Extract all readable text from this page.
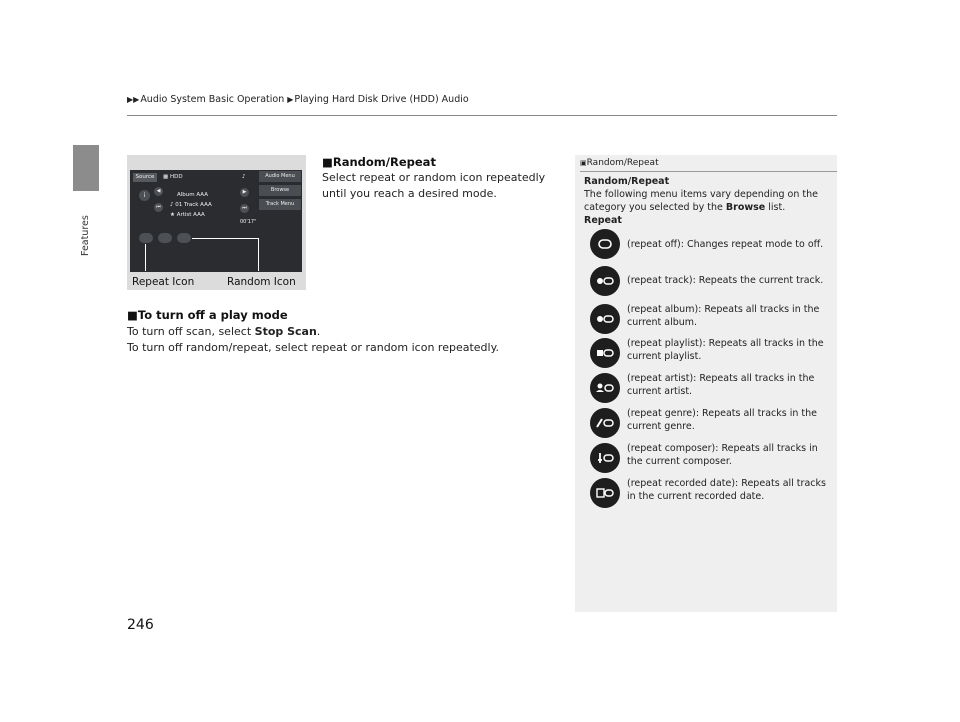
▶▶Audio System Basic Operation ▶Playing Hard Disk Drive (HDD) Audio
Features
Source	▦ HDD	♪	Audio Menu
Browse
Track Menu
i
◀
⏮
▶
⏭
Album AAA
♪ 01 Track AAA
★ Artist AAA
00'17"
Repeat Icon	Random Icon
■Random/Repeat
Select repeat or random icon repeatedly until you reach a desired mode.
■To turn off a play mode
To turn off scan, select Stop Scan.
To turn off random/repeat, select repeat or random icon repeatedly.
▣Random/Repeat
Random/Repeat
The following menu items vary depending on the category you selected by the Browse list.
Repeat
(repeat off): Changes repeat mode to off.
(repeat track): Repeats the current track.
(repeat album): Repeats all tracks in the current album.
(repeat playlist): Repeats all tracks in the current playlist.
(repeat artist): Repeats all tracks in the current artist.
(repeat genre): Repeats all tracks in the current genre.
(repeat composer): Repeats all tracks in the current composer.
(repeat recorded date): Repeats all tracks in the current recorded date.
246
